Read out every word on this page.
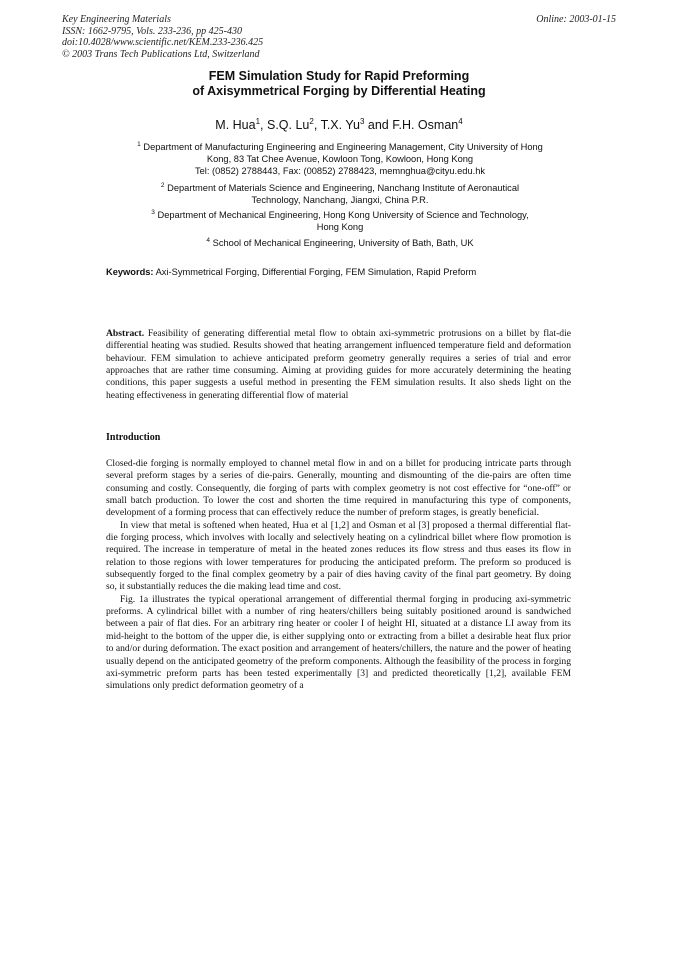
Key Engineering Materials
ISSN: 1662-9795, Vols. 233-236, pp 425-430
doi:10.4028/www.scientific.net/KEM.233-236.425
© 2003 Trans Tech Publications Ltd, Switzerland
Online: 2003-01-15
FEM Simulation Study for Rapid Preforming
of Axisymmetrical Forging by Differential Heating
M. Hua$^1$, S.Q. Lu$^2$, T.X. Yu$^3$ and F.H. Osman$^4$
$^1$ Department of Manufacturing Engineering and Engineering Management, City University of Hong
Kong, 83 Tat Chee Avenue, Kowloon Tong, Kowloon, Hong Kong
Tel: (0852) 2788443, Fax: (00852) 2788423, memnghua@cityu.edu.hk
$^2$ Department of Materials Science and Engineering, Nanchang Institute of Aeronautical
Technology, Nanchang, Jiangxi, China P.R.
$^3$ Department of Mechanical Engineering, Hong Kong University of Science and Technology,
Hong Kong
$^4$ School of Mechanical Engineering, University of Bath, Bath, UK
Keywords: Axi-Symmetrical Forging, Differential Forging, FEM Simulation, Rapid Preform
Abstract. Feasibility of generating differential metal flow to obtain axi-symmetric protrusions on a billet by flat-die differential heating was studied. Results showed that heating arrangement influenced temperature field and deformation behaviour. FEM simulation to achieve anticipated preform geometry generally requires a series of trial and error approaches that are rather time consuming. Aiming at providing guides for more accurately determining the heating conditions, this paper suggests a useful method in presenting the FEM simulation results. It also sheds light on the heating effectiveness in generating differential flow of material
Introduction

Closed-die forging is normally employed to channel metal flow in and on a billet for producing intricate parts through several preform stages by a series of die-pairs. Generally, mounting and dismounting of the die-pairs are often time consuming and costly. Consequently, die forging of parts with complex geometry is not cost effective for “one-off” or small batch production. To lower the cost and shorten the time required in manufacturing this type of components, development of a forming process that can effectively reduce the number of preform stages, is greatly beneficial.

In view that metal is softened when heated, Hua et al [1,2] and Osman et al [3] proposed a thermal differential flat-die forging process, which involves with locally and selectively heating on a cylindrical billet where flow promotion is required. The increase in temperature of metal in the heated zones reduces its flow stress and thus eases its flow in relation to those regions with lower temperatures for producing the anticipated preform. The preform so produced is subsequently forged to the final complex geometry by a pair of dies having cavity of the final part geometry. By doing so, it substantially reduces the die making lead time and cost.

Fig. 1a illustrates the typical operational arrangement of differential thermal forging in producing axi-symmetric preforms. A cylindrical billet with a number of ring heaters/chillers being suitably positioned around is sandwiched between a pair of flat dies. For an arbitrary ring heater or cooler I of height HI, situated at a distance LI away from its mid-height to the bottom of the upper die, is either supplying onto or extracting from a billet a desirable heat flux prior to and/or during deformation. The exact position and arrangement of heaters/chillers, the nature and the power of heating usually depend on the anticipated geometry of the preform components. Although the feasibility of the process in forging axi-symmetric preform parts has been tested experimentally [3] and predicted theoretically [1,2], available FEM simulations only predict deformation geometry of a
